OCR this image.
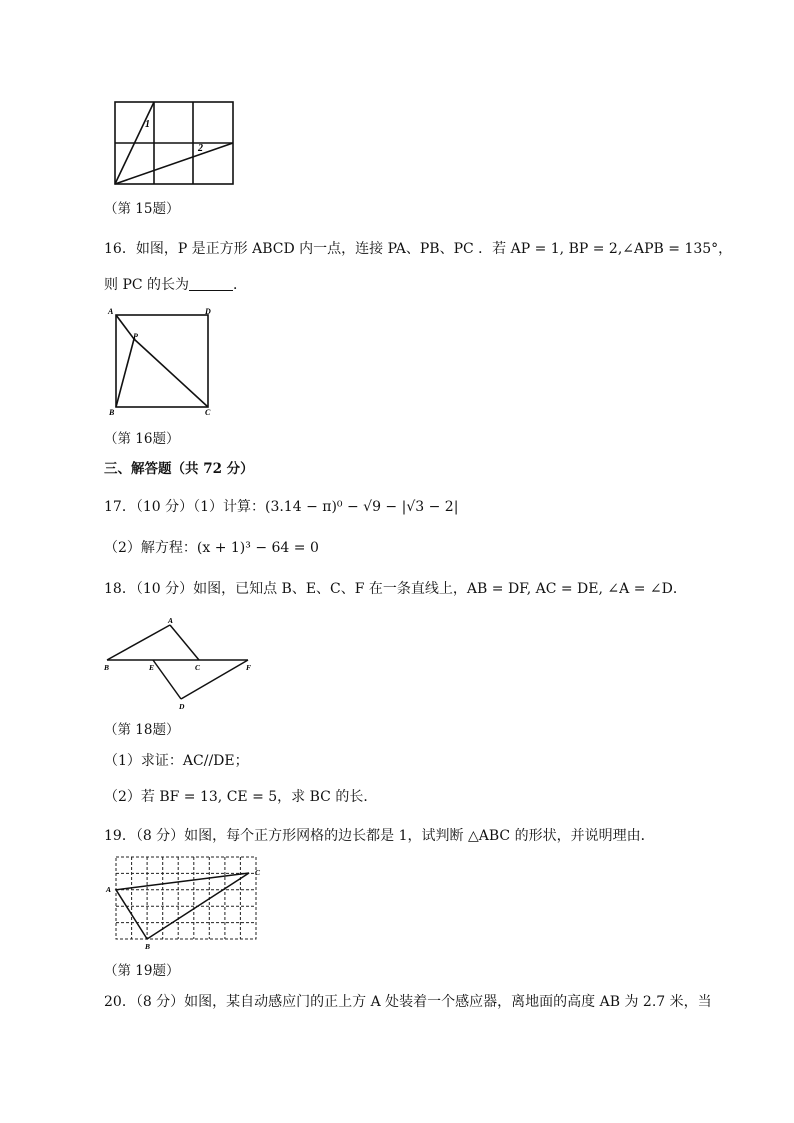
1
2
（第 15题）
16．如图，P 是正方形 ABCD 内一点，连接 PA、PB、PC ．若 AP = 1, BP = 2,∠APB = 135°，
则 PC 的长为	．
A	D
P
B	C
（第 16题）
三、解答题（共 72 分）
17．（10 分）（1）计算：(3.14 − π)⁰ − √9 − |√3 − 2|
（2）解方程：(x + 1)³ − 64 = 0
18．（10 分）如图，已知点 B、E、C、F 在一条直线上，AB = DF, AC = DE, ∠A = ∠D．
A
B	E	C	F
D
（第 18题）
（1）求证：AC//DE；
（2）若 BF = 13, CE = 5，求 BC 的长．
19．（8 分）如图，每个正方形网格的边长都是 1，试判断 △ABC 的形状，并说明理由．
A
B
C
（第 19题）
20．（8 分）如图，某自动感应门的正上方 A 处装着一个感应器，离地面的高度 AB 为 2.7 米，当
